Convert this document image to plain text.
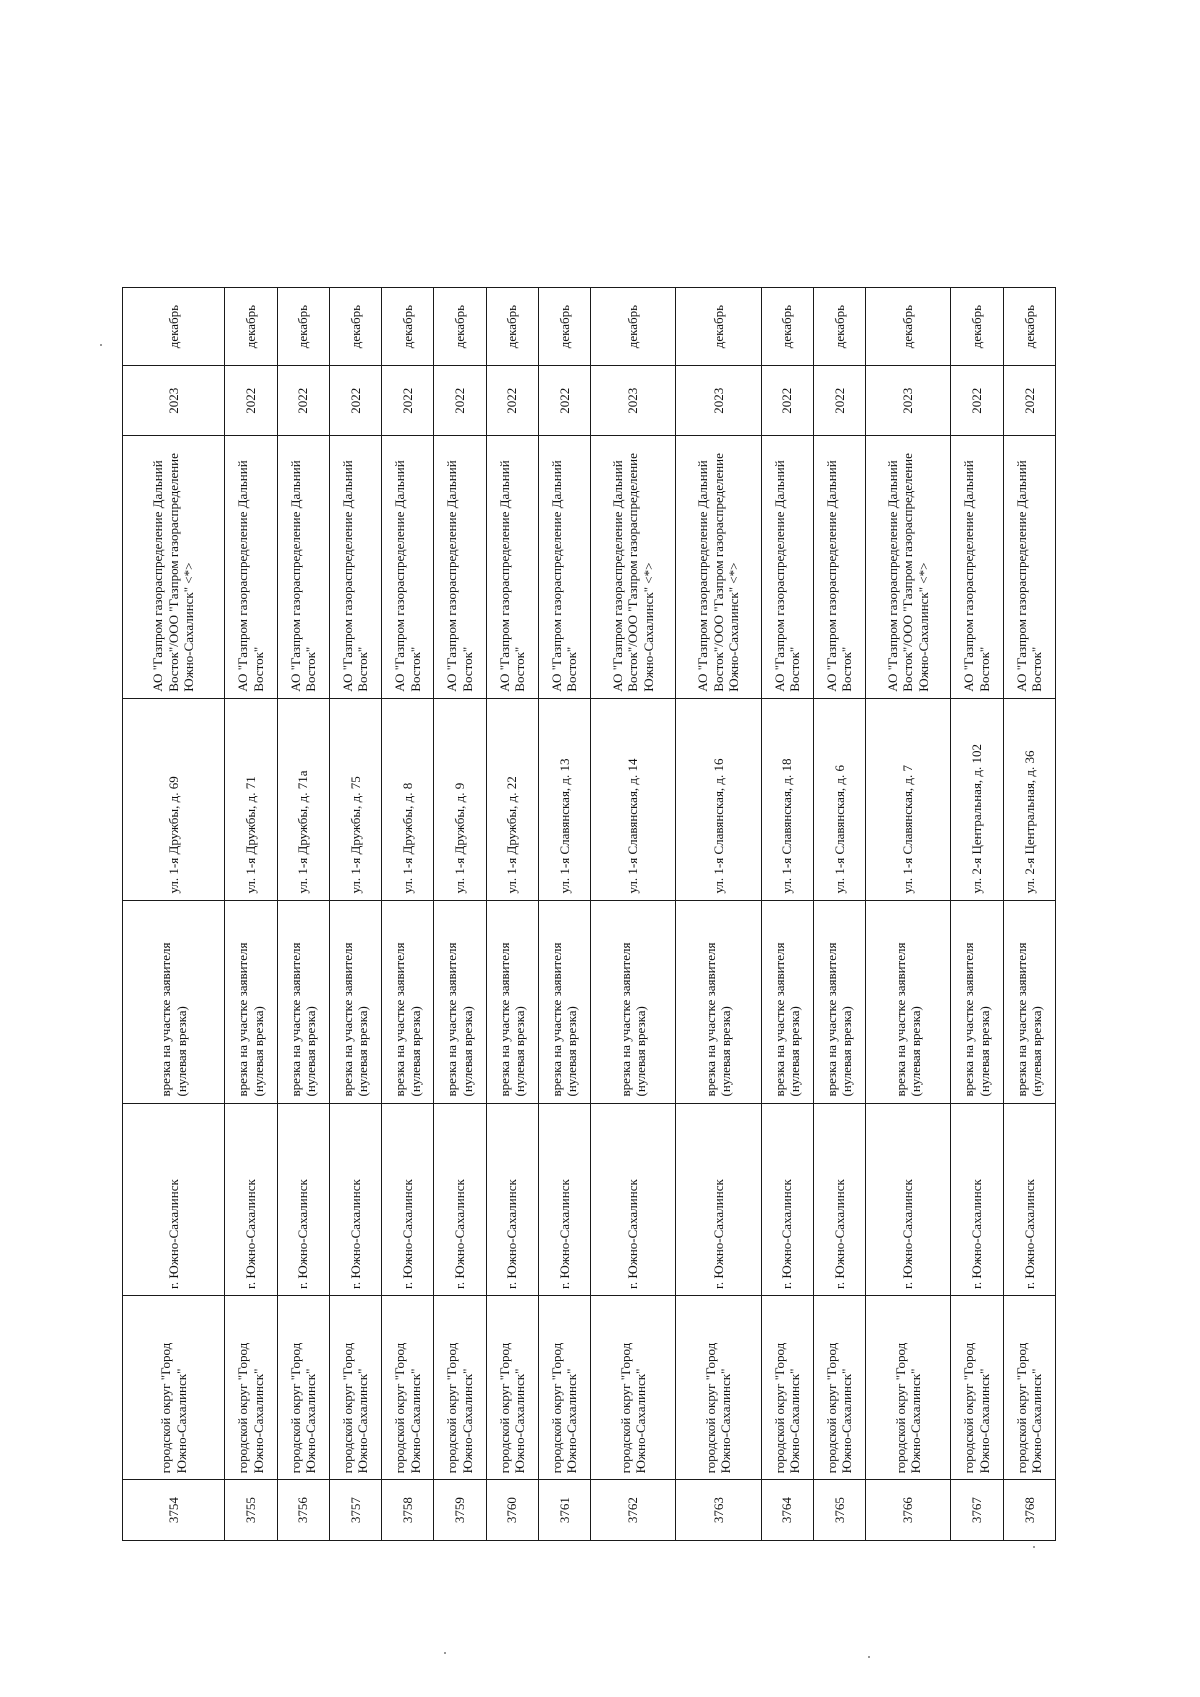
3754	городской округ "Город Южно-Сахалинск"	г. Южно-Сахалинск	врезка на участке заявителя (нулевая врезка)	ул. 1-я Дружбы, д. 69	АО "Газпром газораспределение Дальний Восток"/ООО "Газпром газораспределение Южно-Сахалинск" <*>	2023	декабрь
3755	городской округ "Город Южно-Сахалинск"	г. Южно-Сахалинск	врезка на участке заявителя (нулевая врезка)	ул. 1-я Дружбы, д. 71	АО "Газпром газораспределение Дальний Восток"	2022	декабрь
3756	городской округ "Город Южно-Сахалинск"	г. Южно-Сахалинск	врезка на участке заявителя (нулевая врезка)	ул. 1-я Дружбы, д. 71а	АО "Газпром газораспределение Дальний Восток"	2022	декабрь
3757	городской округ "Город Южно-Сахалинск"	г. Южно-Сахалинск	врезка на участке заявителя (нулевая врезка)	ул. 1-я Дружбы, д. 75	АО "Газпром газораспределение Дальний Восток"	2022	декабрь
3758	городской округ "Город Южно-Сахалинск"	г. Южно-Сахалинск	врезка на участке заявителя (нулевая врезка)	ул. 1-я Дружбы, д. 8	АО "Газпром газораспределение Дальний Восток"	2022	декабрь
3759	городской округ "Город Южно-Сахалинск"	г. Южно-Сахалинск	врезка на участке заявителя (нулевая врезка)	ул. 1-я Дружбы, д. 9	АО "Газпром газораспределение Дальний Восток"	2022	декабрь
3760	городской округ "Город Южно-Сахалинск"	г. Южно-Сахалинск	врезка на участке заявителя (нулевая врезка)	ул. 1-я Дружбы, д. 22	АО "Газпром газораспределение Дальний Восток"	2022	декабрь
3761	городской округ "Город Южно-Сахалинск"	г. Южно-Сахалинск	врезка на участке заявителя (нулевая врезка)	ул. 1-я Славянская, д. 13	АО "Газпром газораспределение Дальний Восток"	2022	декабрь
3762	городской округ "Город Южно-Сахалинск"	г. Южно-Сахалинск	врезка на участке заявителя (нулевая врезка)	ул. 1-я Славянская, д. 14	АО "Газпром газораспределение Дальний Восток"/ООО "Газпром газораспределение Южно-Сахалинск" <*>	2023	декабрь
3763	городской округ "Город Южно-Сахалинск"	г. Южно-Сахалинск	врезка на участке заявителя (нулевая врезка)	ул. 1-я Славянская, д. 16	АО "Газпром газораспределение Дальний Восток"/ООО "Газпром газораспределение Южно-Сахалинск" <*>	2023	декабрь
3764	городской округ "Город Южно-Сахалинск"	г. Южно-Сахалинск	врезка на участке заявителя (нулевая врезка)	ул. 1-я Славянская, д. 18	АО "Газпром газораспределение Дальний Восток"	2022	декабрь
3765	городской округ "Город Южно-Сахалинск"	г. Южно-Сахалинск	врезка на участке заявителя (нулевая врезка)	ул. 1-я Славянская, д. 6	АО "Газпром газораспределение Дальний Восток"	2022	декабрь
3766	городской округ "Город Южно-Сахалинск"	г. Южно-Сахалинск	врезка на участке заявителя (нулевая врезка)	ул. 1-я Славянская, д. 7	АО "Газпром газораспределение Дальний Восток"/ООО "Газпром газораспределение Южно-Сахалинск" <*>	2023	декабрь
3767	городской округ "Город Южно-Сахалинск"	г. Южно-Сахалинск	врезка на участке заявителя (нулевая врезка)	ул. 2-я Центральная, д. 102	АО "Газпром газораспределение Дальний Восток"	2022	декабрь
3768	городской округ "Город Южно-Сахалинск"	г. Южно-Сахалинск	врезка на участке заявителя (нулевая врезка)	ул. 2-я Центральная, д. 36	АО "Газпром газораспределение Дальний Восток"	2022	декабрь
